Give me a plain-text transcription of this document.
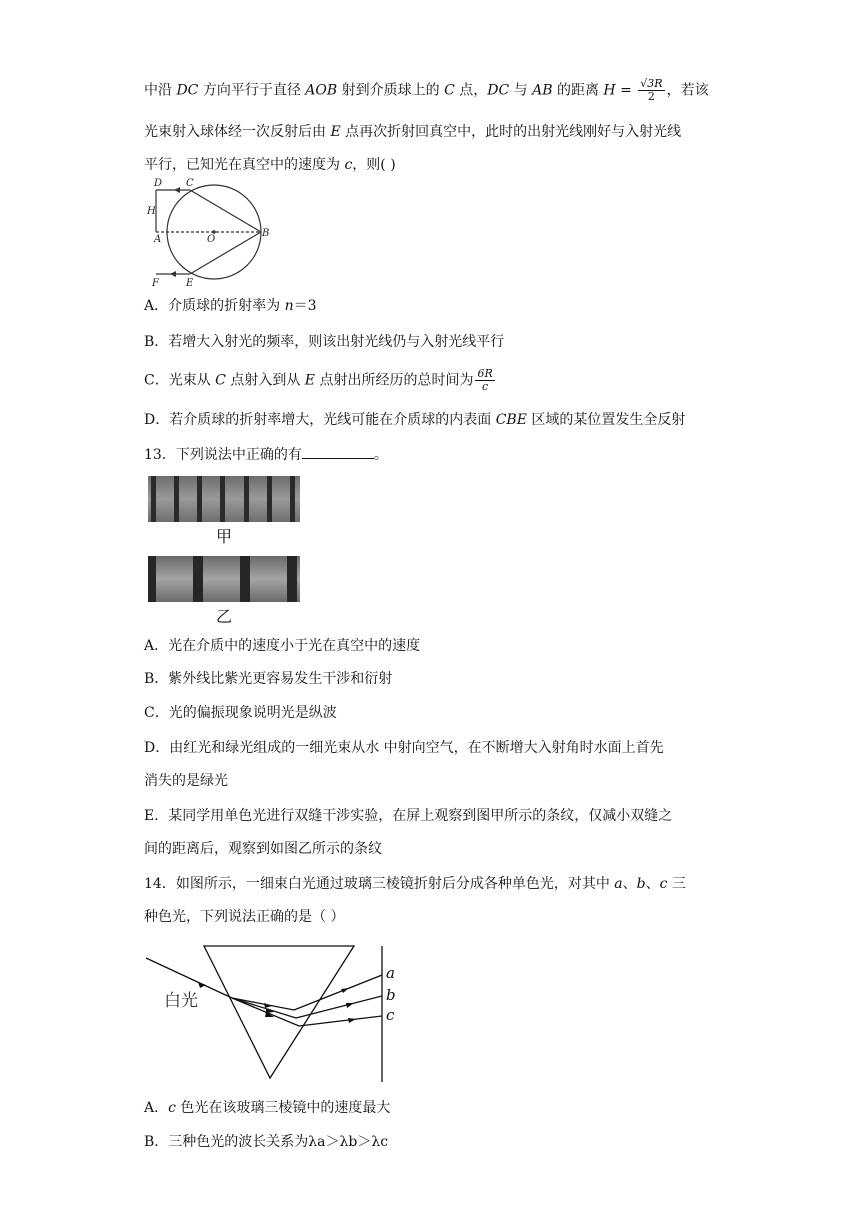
中沿 DC 方向平行于直径 AOB 射到介质球上的 C 点，DC 与 AB 的距离 $H = \frac{√3R}{2}$ ，若该
光束射入球体经一次反射后由 E 点再次折射回真空中，此时的出射光线刚好与入射光线
平行，已知光在真空中的速度为 c，则( )
D C
H
A	O
B
F	E
A．介质球的折射率为 n＝3
B．若增大入射光的频率，则该出射光线仍与入射光线平行
C．光束从 C 点射入到从 E 点射出所经历的总时间为 $\frac{6R}{c}$
D．若介质球的折射率增大，光线可能在介质球的内表面 CBE 区域的某位置发生全反射
13．下列说法中正确的有	。
甲
乙
A．光在介质中的速度小于光在真空中的速度
B．紫外线比紫光更容易发生干涉和衍射
C．光的偏振现象说明光是纵波
D．由红光和绿光组成的一细光束从水 中射向空气，在不断增大入射角时水面上首先
消失的是绿光
E．某同学用单色光进行双缝干涉实验，在屏上观察到图甲所示的条纹，仅减小双缝之
间的距离后，观察到如图乙所示的条纹
14．如图所示，一细束白光通过玻璃三棱镜折射后分成各种单色光，对其中 a、b、c 三
种色光，下列说法正确的是（ ）
白光
a
b
c
A．c 色光在该玻璃三棱镜中的速度最大
B．三种色光的波长关系为λa＞λb＞λc
